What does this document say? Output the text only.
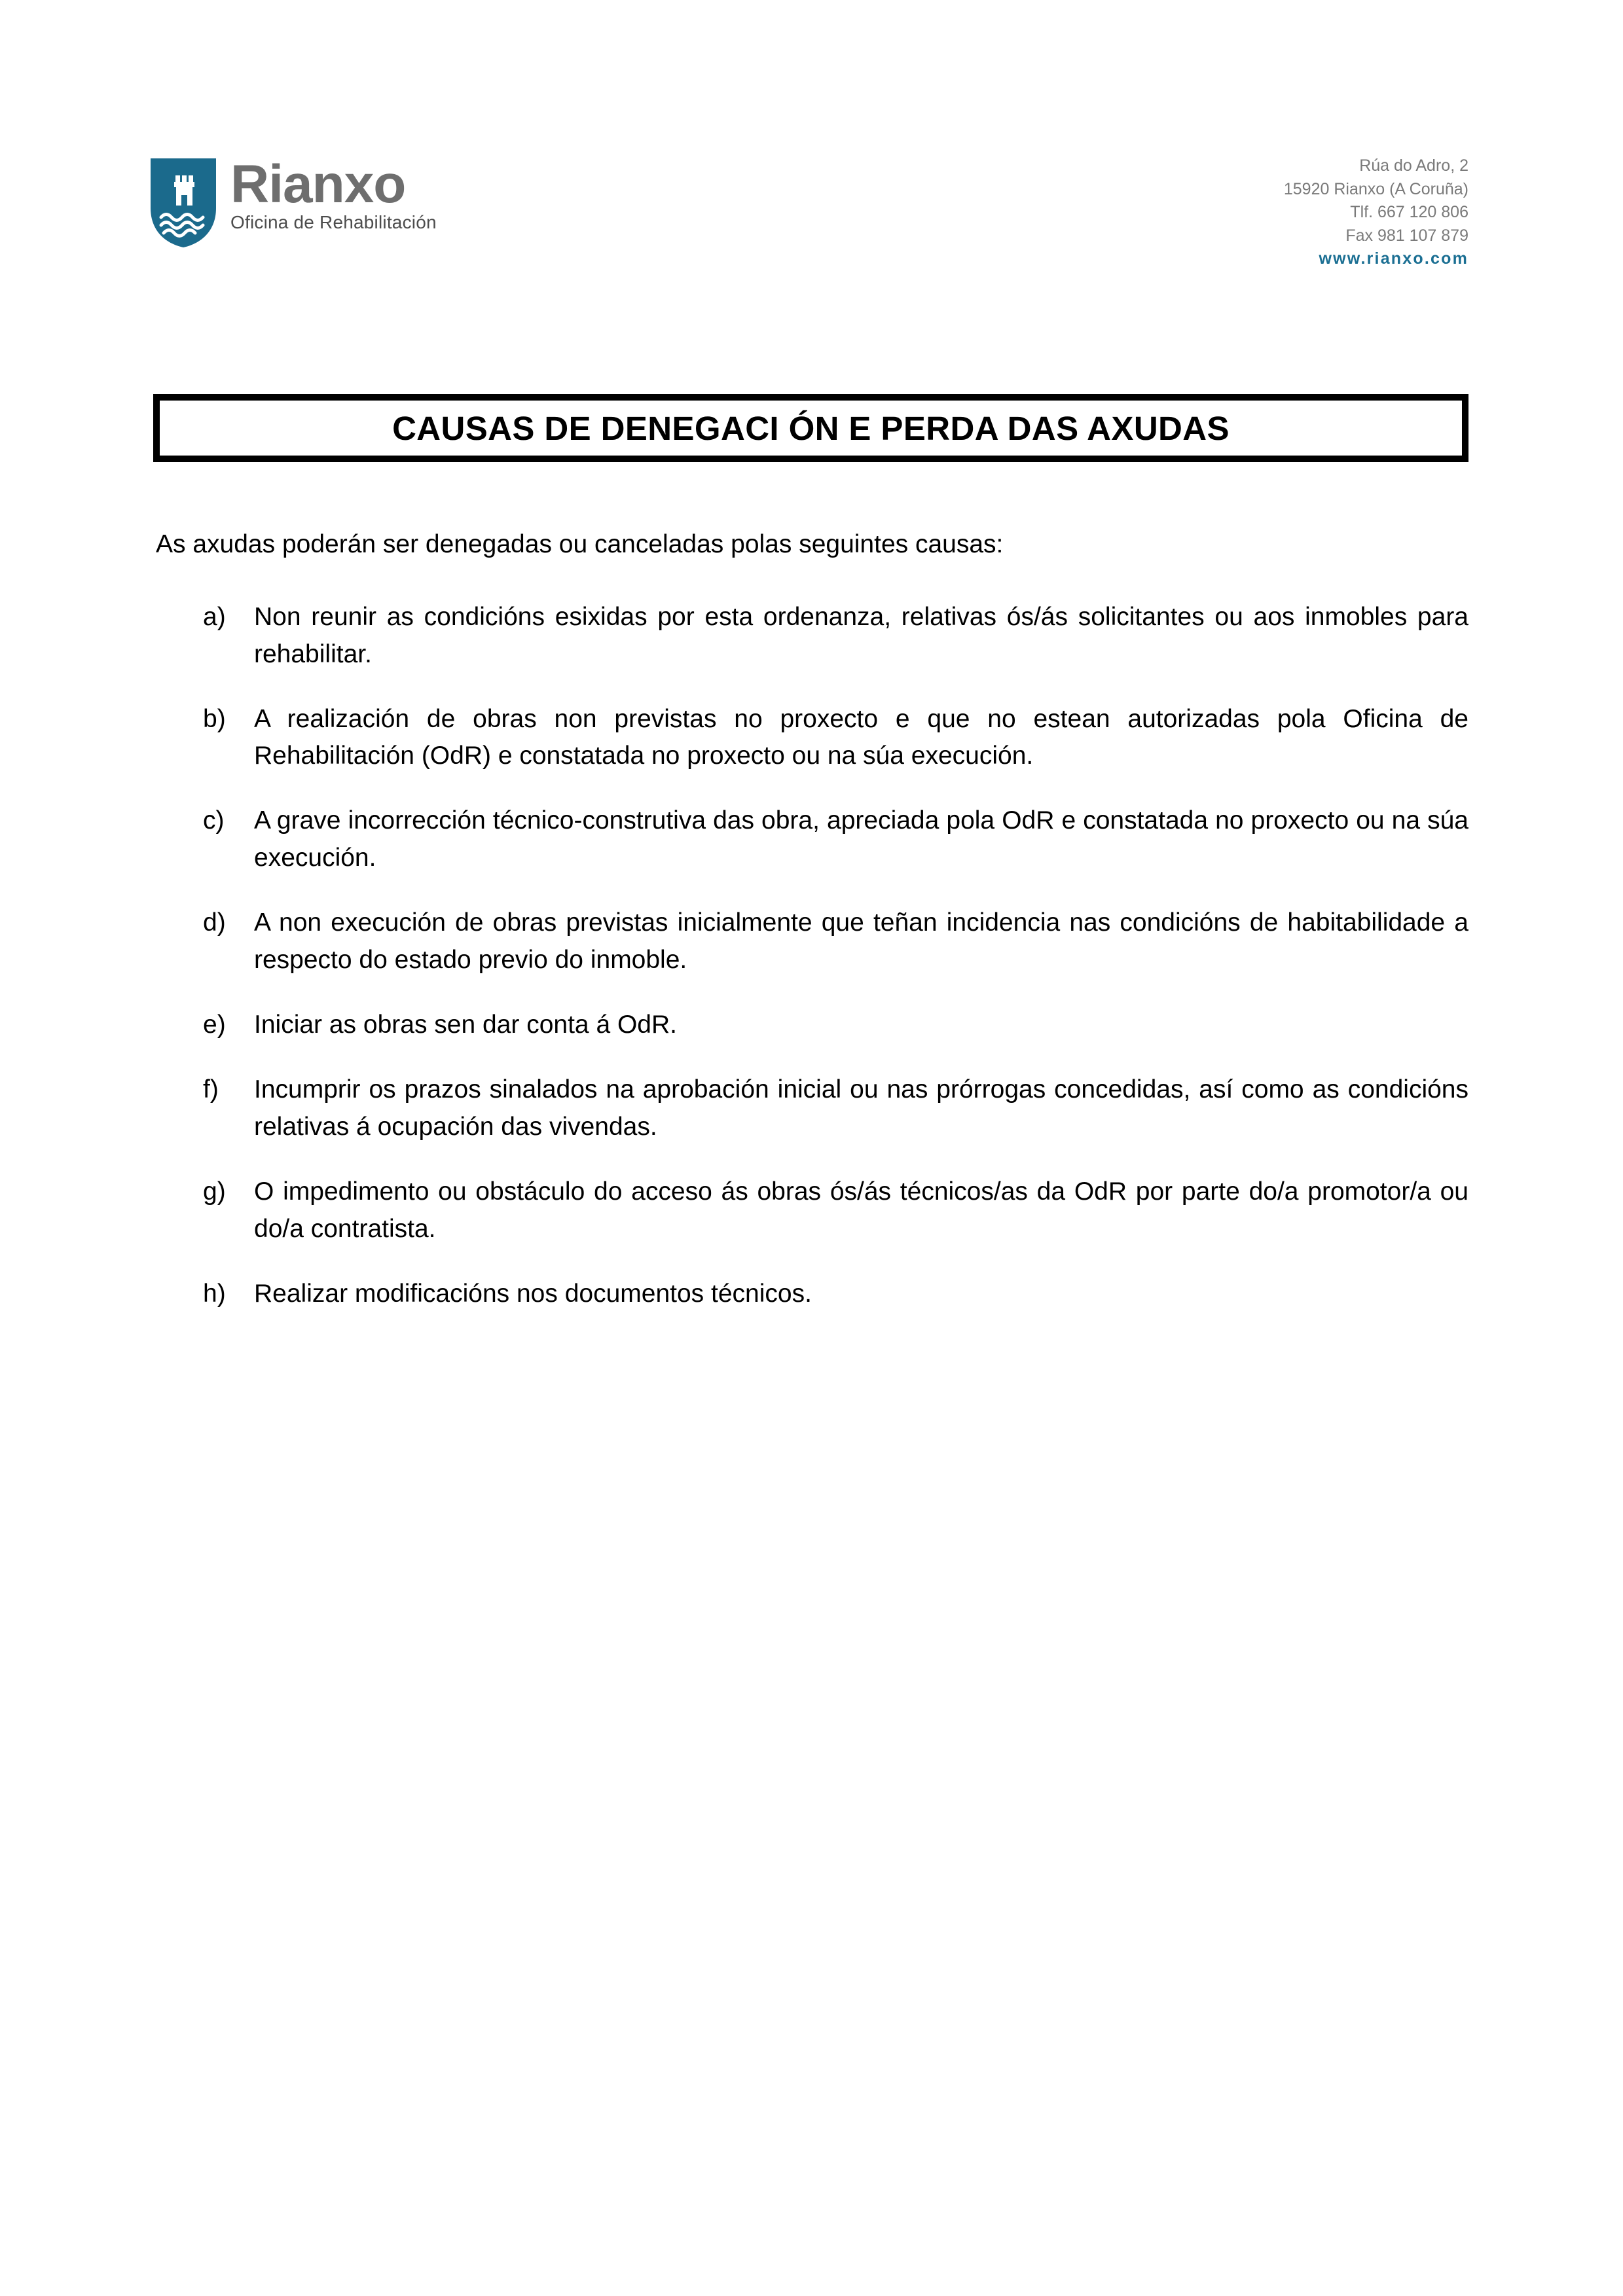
Rianxo
Oficina de Rehabilitación
Rúa do Adro, 2
15920 Rianxo (A Coruña)
Tlf. 667 120 806
Fax 981 107 879
www.rianxo.com
CAUSAS DE DENEGACI ÓN E PERDA DAS AXUDAS

As axudas poderán ser denegadas ou canceladas polas seguintes causas:

a)	Non reunir as condicións esixidas por esta ordenanza, relativas ós/ás solicitantes ou aos inmobles para rehabilitar.
b)	A realización de obras non previstas no proxecto e que no estean autorizadas pola Oficina de Rehabilitación (OdR) e constatada no proxecto ou na súa execución.
c)	A grave incorrección técnico-construtiva das obra, apreciada pola OdR e constatada no proxecto ou na súa execución.
d)	A non execución de obras previstas inicialmente que teñan incidencia nas condicións de habitabilidade a respecto do estado previo do inmoble.
e)	Iniciar as obras sen dar conta á OdR.
f)	Incumprir os prazos sinalados na aprobación inicial ou nas prórrogas concedidas, así como as condicións relativas á ocupación das vivendas.
g)	O impedimento ou obstáculo do acceso ás obras ós/ás técnicos/as da OdR por parte do/a promotor/a ou do/a contratista.
h)	Realizar modificacións nos documentos técnicos.
